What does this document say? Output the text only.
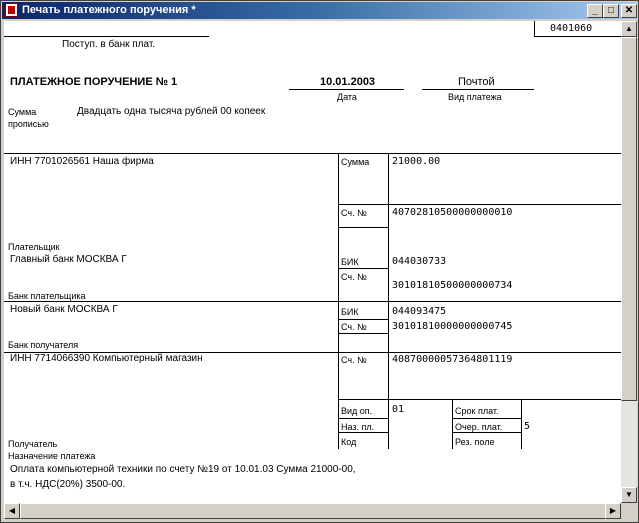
Печать платежного поручения *	_	□	✕
Поступ. в банк плат.
0401060
ПЛАТЕЖНОЕ ПОРУЧЕНИЕ № 1	10.01.2003
Дата
Почтой
Вид платежа
Сумма
прописью
Двадцать одна тысяча рублей 00 копеек
ИНН 7701026561 Наша фирма	Сумма 21000.00
Сч. №	40702810500000000010
Плательщик
Главный банк МОСКВА Г	БИК	044030733
Сч. №
30101810500000000734
Банк плательщика
Новый банк МОСКВА Г	БИК	044093475
Сч. №	30101810000000000745
Банк получателя
ИНН 7714066390 Компьютерный магазин	Сч. №	40870000057364801119
Вид оп. 01	Срок плат.
Наз. пл.	Очер. плат. 5
Код	Рез. поле
Получатель
Назначение платежа
Оплата компьютерной техники по счету №19 от 10.01.03 Сумма 21000-00,
в т.ч. НДС(20%) 3500-00.
▲
▼
◀	▶
